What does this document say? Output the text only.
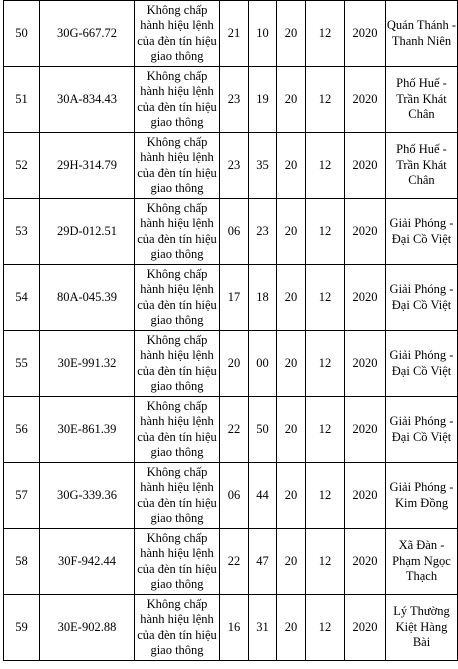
50	30G-667.72	Không chấp
hành hiệu lệnh
của đèn tín hiệu
giao thông	21	10	20	12	2020	Quán Thánh -
Thanh Niên

51	30A-834.43	Không chấp
hành hiệu lệnh
của đèn tín hiệu
giao thông	23	19	20	12	2020	Phố Huế -
Trần Khát
Chân

52	29H-314.79	Không chấp
hành hiệu lệnh
của đèn tín hiệu
giao thông	23	35	20	12	2020	Phố Huế -
Trần Khát
Chân

53	29D-012.51	Không chấp
hành hiệu lệnh
của đèn tín hiệu
giao thông	06	23	20	12	2020	Giải Phóng -
Đại Cồ Việt

54	80A-045.39	Không chấp
hành hiệu lệnh
của đèn tín hiệu
giao thông	17	18	20	12	2020	Giải Phóng -
Đại Cồ Việt

55	30E-991.32	Không chấp
hành hiệu lệnh
của đèn tín hiệu
giao thông	20	00	20	12	2020	Giải Phóng -
Đại Cồ Việt

56	30E-861.39	Không chấp
hành hiệu lệnh
của đèn tín hiệu
giao thông	22	50	20	12	2020	Giải Phóng -
Đại Cồ Việt

57	30G-339.36	Không chấp
hành hiệu lệnh
của đèn tín hiệu
giao thông	06	44	20	12	2020	Giải Phóng -
Kim Đồng

58	30F-942.44	Không chấp
hành hiệu lệnh
của đèn tín hiệu
giao thông	22	47	20	12	2020	Xã Đàn -
Phạm Ngọc
Thạch

59	30E-902.88	Không chấp
hành hiệu lệnh
của đèn tín hiệu
giao thông	16	31	20	12	2020	Lý Thường
Kiệt Hàng
Bài
